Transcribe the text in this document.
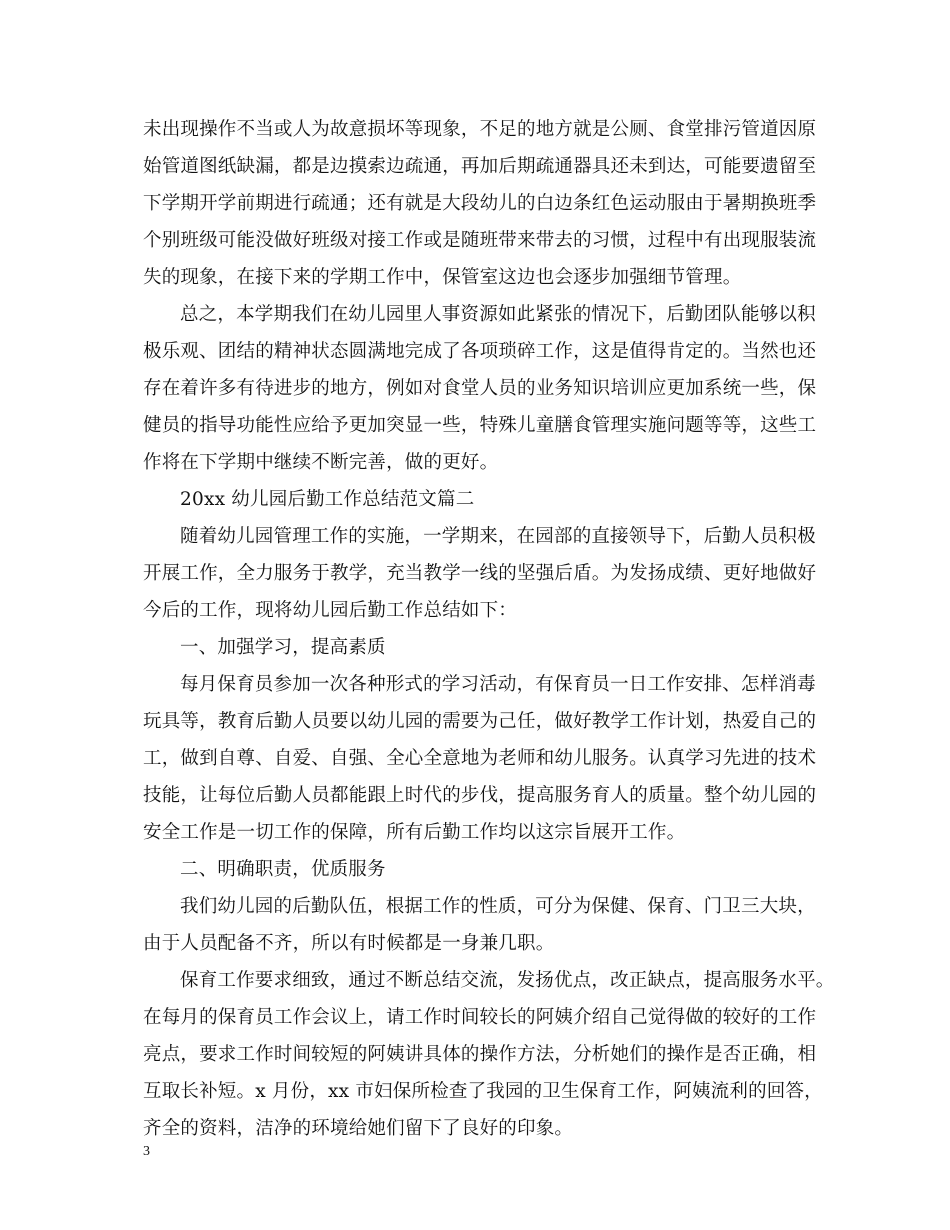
未出现操作不当或人为故意损坏等现象，不足的地方就是公厕、食堂排污管道因原
始管道图纸缺漏，都是边摸索边疏通，再加后期疏通器具还未到达，可能要遗留至
下学期开学前期进行疏通；还有就是大段幼儿的白边条红色运动服由于暑期换班季
个别班级可能没做好班级对接工作或是随班带来带去的习惯，过程中有出现服装流
失的现象，在接下来的学期工作中，保管室这边也会逐步加强细节管理。
总之，本学期我们在幼儿园里人事资源如此紧张的情况下，后勤团队能够以积
极乐观、团结的精神状态圆满地完成了各项琐碎工作，这是值得肯定的。当然也还
存在着许多有待进步的地方，例如对食堂人员的业务知识培训应更加系统一些，保
健员的指导功能性应给予更加突显一些，特殊儿童膳食管理实施问题等等，这些工
作将在下学期中继续不断完善，做的更好。
20xx 幼儿园后勤工作总结范文篇二
随着幼儿园管理工作的实施，一学期来，在园部的直接领导下，后勤人员积极
开展工作，全力服务于教学，充当教学一线的坚强后盾。为发扬成绩、更好地做好
今后的工作，现将幼儿园后勤工作总结如下：
一、加强学习，提高素质
每月保育员参加一次各种形式的学习活动，有保育员一日工作安排、怎样消毒
玩具等，教育后勤人员要以幼儿园的需要为己任，做好教学工作计划，热爱自己的
工，做到自尊、自爱、自强、全心全意地为老师和幼儿服务。认真学习先进的技术
技能，让每位后勤人员都能跟上时代的步伐，提高服务育人的质量。整个幼儿园的
安全工作是一切工作的保障，所有后勤工作均以这宗旨展开工作。
二、明确职责，优质服务
我们幼儿园的后勤队伍，根据工作的性质，可分为保健、保育、门卫三大块，
由于人员配备不齐，所以有时候都是一身兼几职。
保育工作要求细致，通过不断总结交流，发扬优点，改正缺点，提高服务水平。
在每月的保育员工作会议上，请工作时间较长的阿姨介绍自己觉得做的较好的工作
亮点，要求工作时间较短的阿姨讲具体的操作方法，分析她们的操作是否正确，相
互取长补短。x 月份，xx 市妇保所检查了我园的卫生保育工作，阿姨流利的回答，
齐全的资料，洁净的环境给她们留下了良好的印象。
3
